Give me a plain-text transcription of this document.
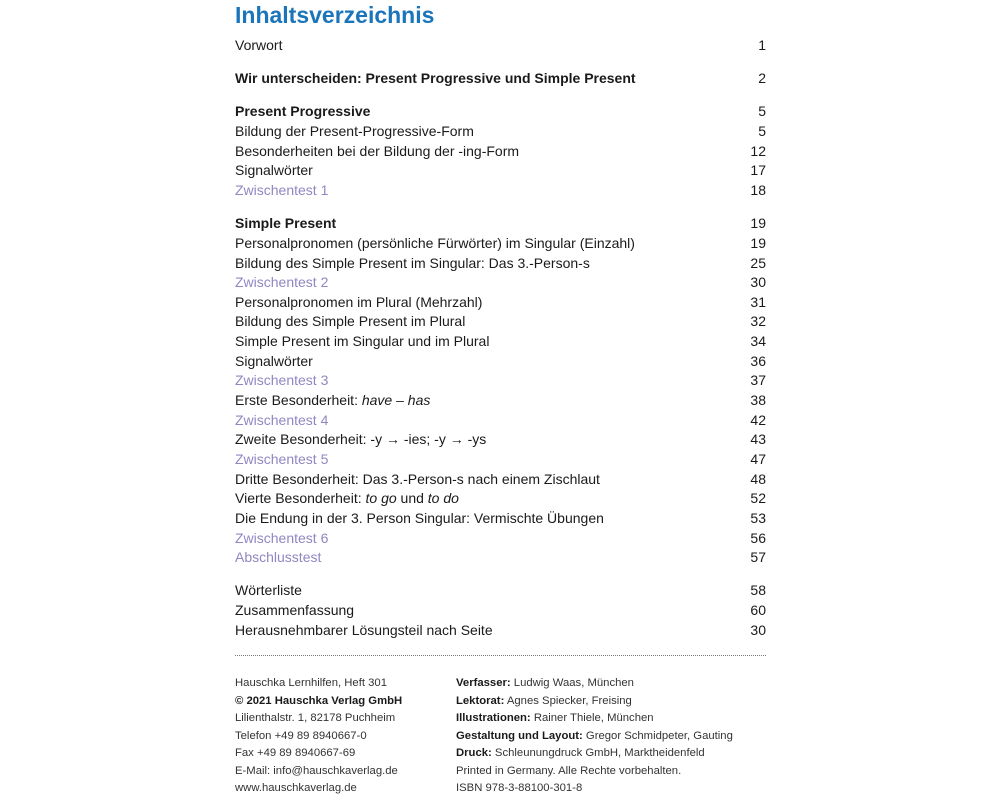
Inhaltsverzeichnis
Vorwort	1
Wir unterscheiden: Present Progressive und Simple Present	2
Present Progressive	5
Bildung der Present-Progressive-Form	5
Besonderheiten bei der Bildung der -ing-Form	12
Signalwörter	17
Zwischentest 1	18
Simple Present	19
Personalpronomen (persönliche Fürwörter) im Singular (Einzahl)	19
Bildung des Simple Present im Singular: Das 3.-Person-s	25
Zwischentest 2	30
Personalpronomen im Plural (Mehrzahl)	31
Bildung des Simple Present im Plural	32
Simple Present im Singular und im Plural	34
Signalwörter	36
Zwischentest 3	37
Erste Besonderheit: have – has	38
Zwischentest 4	42
Zweite Besonderheit: -y → -ies; -y → -ys	43
Zwischentest 5	47
Dritte Besonderheit: Das 3.-Person-s nach einem Zischlaut	48
Vierte Besonderheit: to go und to do	52
Die Endung in der 3. Person Singular: Vermischte Übungen	53
Zwischentest 6	56
Abschlusstest	57
Wörterliste	58
Zusammenfassung	60
Herausnehmbarer Lösungsteil nach Seite	30
Hauschka Lernhilfen, Heft 301
© 2021 Hauschka Verlag GmbH
Lilienthalstr. 1, 82178 Puchheim
Telefon +49 89 8940667-0
Fax +49 89 8940667-69
E-Mail: info@hauschkaverlag.de
www.hauschkaverlag.de
Verfasser: Ludwig Waas, München
Lektorat: Agnes Spiecker, Freising
Illustrationen: Rainer Thiele, München
Gestaltung und Layout: Gregor Schmidpeter, Gauting
Druck: Schleunungdruck GmbH, Marktheidenfeld
Printed in Germany. Alle Rechte vorbehalten.
ISBN 978-3-88100-301-8
